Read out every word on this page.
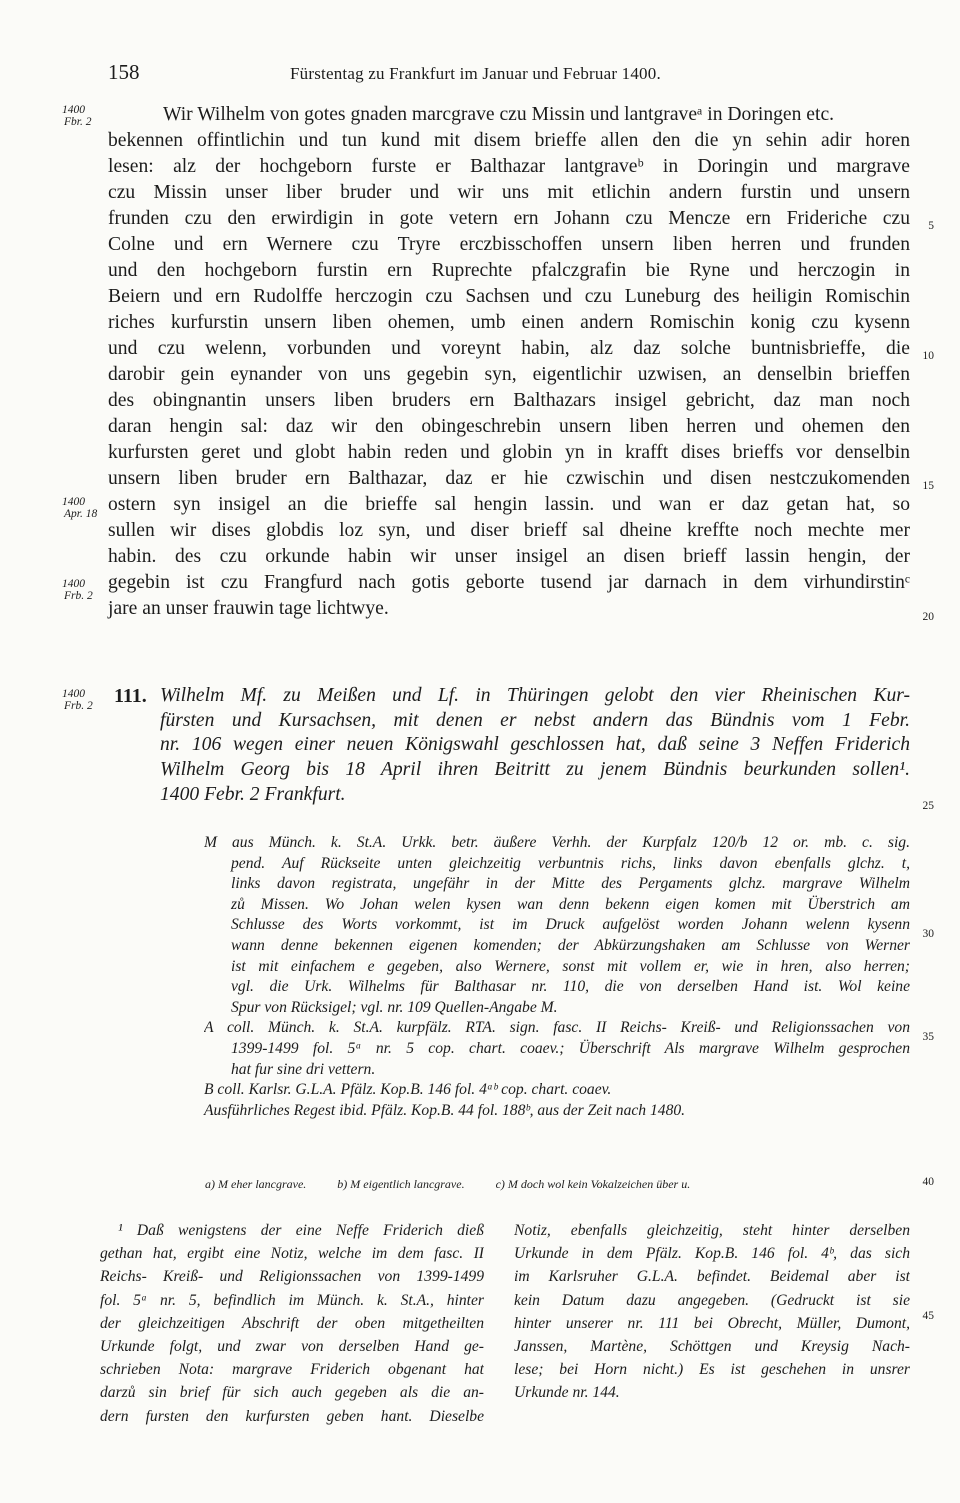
158	Fürstentag zu Frankfurt im Januar und Februar 1400.
1400
Fbr. 2
1400
Apr. 18
1400
Frb. 2
1400
Frb. 2
5
10
15
20
25
30
35
40
45
Wir Wilhelm von gotes gnaden marcgrave czu Missin und lantgraveᵃ in Doringen etc.
bekennen offintlichin und tun kund mit disem brieffe allen den die yn sehin adir horen
lesen: alz der hochgeborn furste er Balthazar lantgraveᵇ in Doringin und margrave
czu Missin unser liber bruder und wir uns mit etlichin andern furstin und unsern
frunden czu den erwirdigin in gote vetern ern Johann czu Mencze ern Frideriche czu
Colne und ern Wernere czu Tryre erczbisschoffen unsern liben herren und frunden
und den hochgeborn furstin ern Ruprechte pfalczgrafin bie Ryne und herczogin in
Beiern und ern Rudolffe herczogin czu Sachsen und czu Luneburg des heiligin Romischin
riches kurfurstin unsern liben ohemen, umb einen andern Romischin konig czu kysenn
und czu welenn, vorbunden und voreynt habin, alz daz solche buntnisbrieffe, die
darobir gein eynander von uns gegebin syn, eigentlichir uzwisen, an denselbin brieffen
des obingnantin unsers liben bruders ern Balthazars insigel gebricht, daz man noch
daran hengin sal: daz wir den obingeschrebin unsern liben herren und ohemen den
kurfursten geret und globt habin reden und globin yn in krafft dises brieffs vor denselbin
unsern liben bruder ern Balthazar, daz er hie czwischin und disen nestczukomenden
ostern syn insigel an die brieffe sal hengin lassin. und wan er daz getan hat, so
sullen wir dises globdis loz syn, und diser brieff sal dheine kreffte noch mechte mer
habin. des czu orkunde habin wir unser insigel an disen brieff lassin hengin, der
gegebin ist czu Frangfurd nach gotis geborte tusend jar darnach in dem virhundirstinᶜ
jare an unser frauwin tage lichtwye.
111. Wilhelm Mf. zu Meißen und Lf. in Thüringen gelobt den vier Rheinischen Kur-
fürsten und Kursachsen, mit denen er nebst andern das Bündnis vom 1 Febr.
nr. 106 wegen einer neuen Königswahl geschlossen hat, daß seine 3 Neffen Friderich
Wilhelm Georg bis 18 April ihren Beitritt zu jenem Bündnis beurkunden sollen¹.
1400 Febr. 2 Frankfurt.
M aus Münch. k. St.A. Urkk. betr. äußere Verhh. der Kurpfalz 120/b 12 or. mb. c. sig.
pend. Auf Rückseite unten gleichzeitig verbuntnis richs, links davon ebenfalls glchz. t,
links davon registrata, ungefähr in der Mitte des Pergaments glchz. margrave Wilhelm
zů Missen. Wo Johan welen kysen wan denn bekenn eigen komen mit Überstrich am
Schlusse des Worts vorkommt, ist im Druck aufgelöst worden Johann welenn kysenn
wann denne bekennen eigenen komenden; der Abkürzungshaken am Schlusse von Werner
ist mit einfachem e gegeben, also Wernere, sonst mit vollem er, wie in hren, also herren;
vgl. die Urk. Wilhelms für Balthasar nr. 110, die von derselben Hand ist. Wol keine
Spur von Rücksigel; vgl. nr. 109 Quellen-Angabe M.
A coll. Münch. k. St.A. kurpfälz. RTA. sign. fasc. II Reichs- Kreiß- und Religionssachen von
1399-1499 fol. 5ᵃ nr. 5 cop. chart. coaev.; Überschrift Als margrave Wilhelm gesprochen
hat fur sine dri vettern.
B coll. Karlsr. G.L.A. Pfälz. Kop.B. 146 fol. 4ᵃᵇ cop. chart. coaev.
Ausführliches Regest ibid. Pfälz. Kop.B. 44 fol. 188ᵇ, aus der Zeit nach 1480.
a) M eher lancgrave.	b) M eigentlich lancgrave.	c) M doch wol kein Vokalzeichen über u.
¹ Daß wenigstens der eine Neffe Friderich dieß
gethan hat, ergibt eine Notiz, welche im dem fasc. II
Reichs- Kreiß- und Religionssachen von 1399-1499
fol. 5ᵃ nr. 5, befindlich im Münch. k. St.A., hinter
der gleichzeitigen Abschrift der oben mitgetheilten
Urkunde folgt, und zwar von derselben Hand ge-
schrieben Nota: margrave Friderich obgenant hat
darzů sin brief für sich auch gegeben als die an-
dern fursten den kurfursten geben hant. Dieselbe
Notiz, ebenfalls gleichzeitig, steht hinter derselben
Urkunde in dem Pfälz. Kop.B. 146 fol. 4ᵇ, das sich
im Karlsruher G.L.A. befindet. Beidemal aber ist
kein Datum dazu angegeben. (Gedruckt ist sie
hinter unserer nr. 111 bei Obrecht, Müller, Dumont,
Janssen, Martène, Schöttgen und Kreysig Nach-
lese; bei Horn nicht.) Es ist geschehen in unsrer
Urkunde nr. 144.
